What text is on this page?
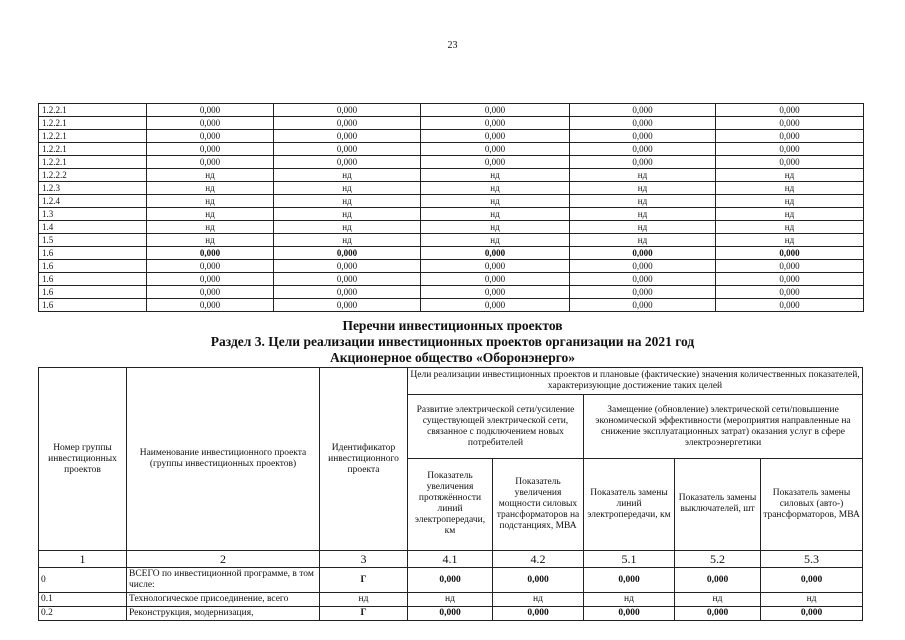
23
1.2.2.1	0,000	0,000	0,000	0,000	0,000
1.2.2.1	0,000	0,000	0,000	0,000	0,000
1.2.2.1	0,000	0,000	0,000	0,000	0,000
1.2.2.1	0,000	0,000	0,000	0,000	0,000
1.2.2.1	0,000	0,000	0,000	0,000	0,000
1.2.2.2	нд	нд	нд	нд	нд
1.2.3	нд	нд	нд	нд	нд
1.2.4	нд	нд	нд	нд	нд
1.3	нд	нд	нд	нд	нд
1.4	нд	нд	нд	нд	нд
1.5	нд	нд	нд	нд	нд
1.6	0,000	0,000	0,000	0,000	0,000
1.6	0,000	0,000	0,000	0,000	0,000
1.6	0,000	0,000	0,000	0,000	0,000
1.6	0,000	0,000	0,000	0,000	0,000
1.6	0,000	0,000	0,000	0,000	0,000
Перечни инвестиционных проектов
Раздел 3. Цели реализации инвестиционных проектов организации на 2021 год
Акционерное общество «Оборонэнерго»
Номер группы инвестиционных проектов	Наименование инвестиционного проекта (группы инвестиционных проектов)	Идентификатор инвестиционного проекта	Цели реализации инвестиционных проектов и плановые (фактические) значения количественных показателей, характеризующие достижение таких целей				
			Развитие электрической сети/усиление существующей электрической сети, связанное с подключением новых потребителей		Замещение (обновление) электрической сети/повышение экономической эффективности (мероприятия направленные на снижение эксплуатационных затрат) оказания услуг в сфере электроэнергетики		
			Показатель увеличения протяжённости линий электропередачи, км	Показатель увеличения мощности силовых трансформаторов на подстанциях, МВА	Показатель замены линий электропередачи, км	Показатель замены выключателей, шт	Показатель замены силовых (авто-) трансформаторов, МВА
1	2	3	4.1	4.2	5.1	5.2	5.3
0	ВСЕГО по инвестиционной программе, в том числе:	Г	0,000	0,000	0,000	0,000	0,000
0.1	Технологическое присоединение, всего	нд	нд	нд	нд	нд	нд
0.2	Реконструкция, модернизация,	Г	0,000	0,000	0,000	0,000	0,000
